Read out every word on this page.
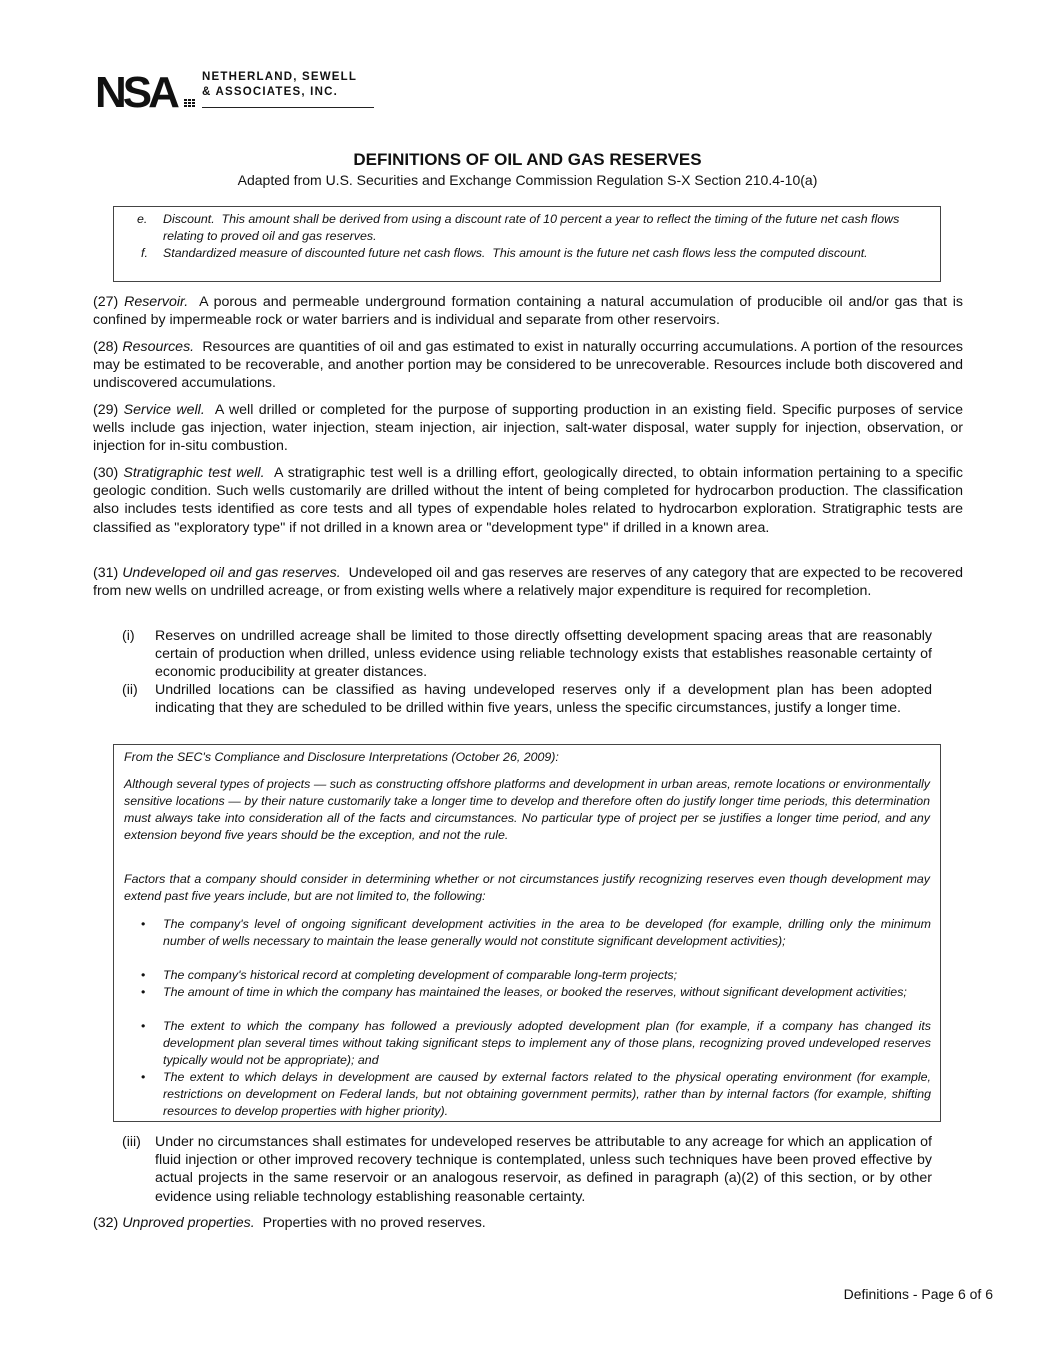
NSA NETHERLAND, SEWELL
& ASSOCIATES, INC.
DEFINITIONS OF OIL AND GAS RESERVES
Adapted from U.S. Securities and Exchange Commission Regulation S-X Section 210.4-10(a)
e. Discount. This amount shall be derived from using a discount rate of 10 percent a year to reflect the timing of the future net cash flows relating to proved oil and gas reserves.
f. Standardized measure of discounted future net cash flows. This amount is the future net cash flows less the computed discount.
(27) Reservoir. A porous and permeable underground formation containing a natural accumulation of producible oil and/or gas that is confined by impermeable rock or water barriers and is individual and separate from other reservoirs.
(28) Resources. Resources are quantities of oil and gas estimated to exist in naturally occurring accumulations. A portion of the resources may be estimated to be recoverable, and another portion may be considered to be unrecoverable. Resources include both discovered and undiscovered accumulations.
(29) Service well. A well drilled or completed for the purpose of supporting production in an existing field. Specific purposes of service wells include gas injection, water injection, steam injection, air injection, salt-water disposal, water supply for injection, observation, or injection for in-situ combustion.
(30) Stratigraphic test well. A stratigraphic test well is a drilling effort, geologically directed, to obtain information pertaining to a specific geologic condition. Such wells customarily are drilled without the intent of being completed for hydrocarbon production. The classification also includes tests identified as core tests and all types of expendable holes related to hydrocarbon exploration. Stratigraphic tests are classified as "exploratory type" if not drilled in a known area or "development type" if drilled in a known area.
(31) Undeveloped oil and gas reserves. Undeveloped oil and gas reserves are reserves of any category that are expected to be recovered from new wells on undrilled acreage, or from existing wells where a relatively major expenditure is required for recompletion.
(i) Reserves on undrilled acreage shall be limited to those directly offsetting development spacing areas that are reasonably certain of production when drilled, unless evidence using reliable technology exists that establishes reasonable certainty of economic producibility at greater distances.
(ii) Undrilled locations can be classified as having undeveloped reserves only if a development plan has been adopted indicating that they are scheduled to be drilled within five years, unless the specific circumstances, justify a longer time.
From the SEC's Compliance and Disclosure Interpretations (October 26, 2009):
Although several types of projects — such as constructing offshore platforms and development in urban areas, remote locations or environmentally sensitive locations — by their nature customarily take a longer time to develop and therefore often do justify longer time periods, this determination must always take into consideration all of the facts and circumstances. No particular type of project per se justifies a longer time period, and any extension beyond five years should be the exception, and not the rule.
Factors that a company should consider in determining whether or not circumstances justify recognizing reserves even though development may extend past five years include, but are not limited to, the following:
• The company's level of ongoing significant development activities in the area to be developed (for example, drilling only the minimum number of wells necessary to maintain the lease generally would not constitute significant development activities);
• The company's historical record at completing development of comparable long-term projects;
• The amount of time in which the company has maintained the leases, or booked the reserves, without significant development activities;
• The extent to which the company has followed a previously adopted development plan (for example, if a company has changed its development plan several times without taking significant steps to implement any of those plans, recognizing proved undeveloped reserves typically would not be appropriate); and
• The extent to which delays in development are caused by external factors related to the physical operating environment (for example, restrictions on development on Federal lands, but not obtaining government permits), rather than by internal factors (for example, shifting resources to develop properties with higher priority).
(iii) Under no circumstances shall estimates for undeveloped reserves be attributable to any acreage for which an application of fluid injection or other improved recovery technique is contemplated, unless such techniques have been proved effective by actual projects in the same reservoir or an analogous reservoir, as defined in paragraph (a)(2) of this section, or by other evidence using reliable technology establishing reasonable certainty.
(32) Unproved properties. Properties with no proved reserves.
Definitions - Page 6 of 6
